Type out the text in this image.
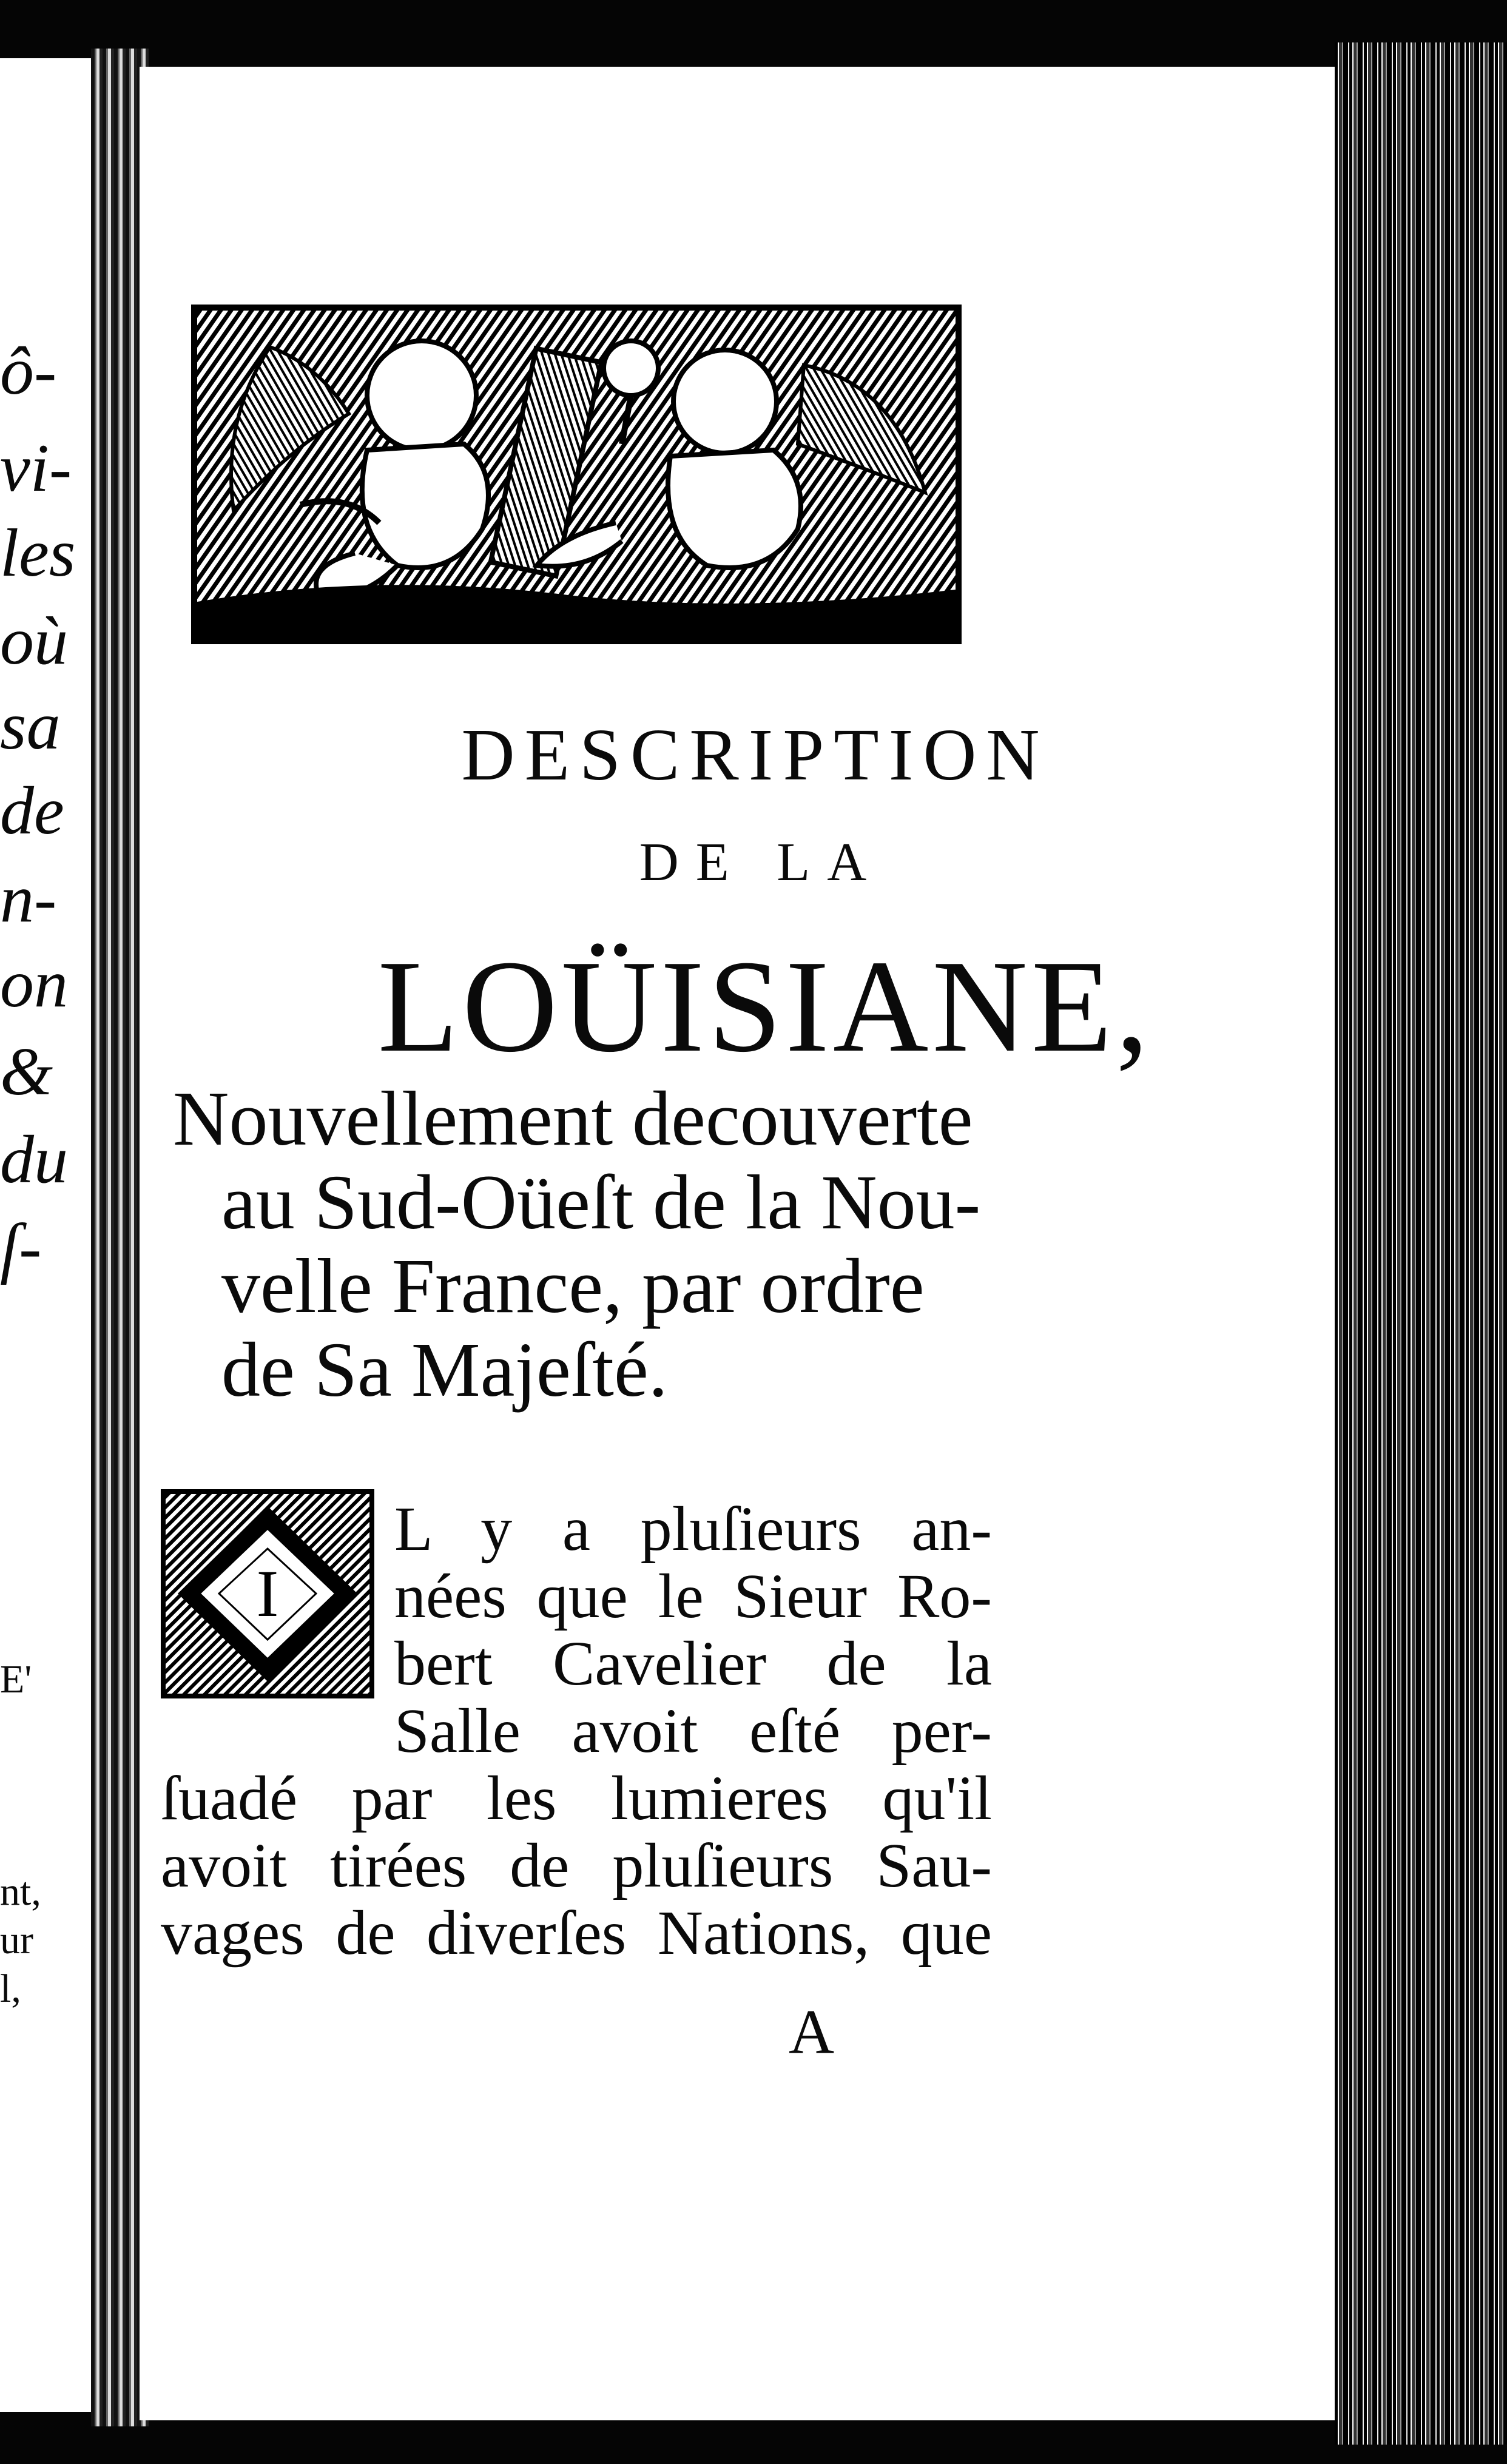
ô-
vi-
les
où
sa
de
n-
on
&
du
ſ-
E'
nt,
ur
l,
DESCRIPTION
DE LA
LOÜISIANE,
Nouvellement decouverte
au Sud-Oüeſt de la Nou-
velle France, par ordre
de Sa Majeſté.
I
L y a pluſieurs an-
nées que le Sieur Ro-
bert Cavelier de la
Salle avoit eſté per-
ſuadé par les lumieres qu'il
avoit tirées de pluſieurs Sau-
vages de diverſes Nations, que
A
